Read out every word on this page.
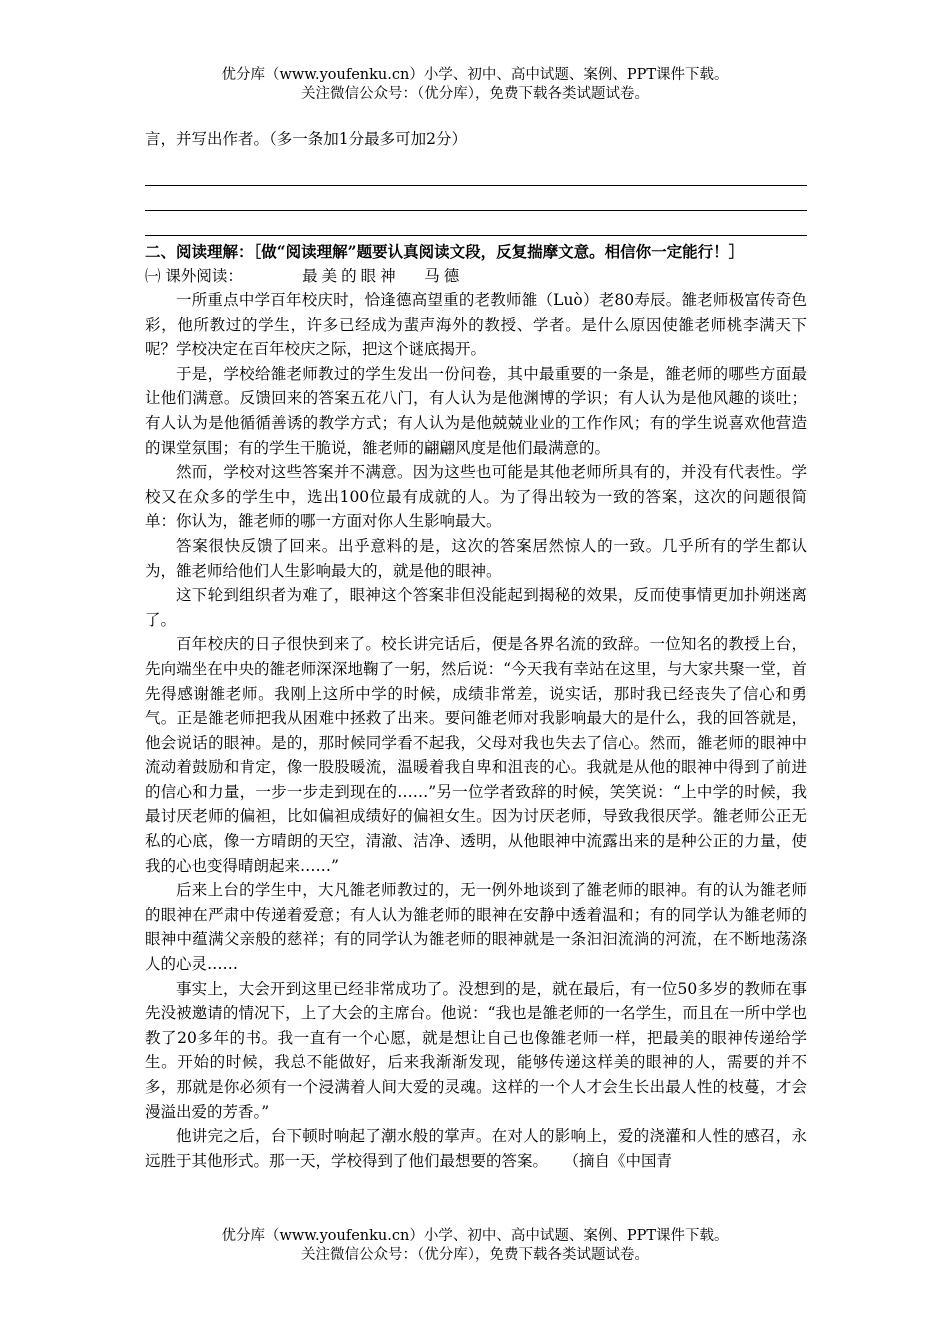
优分库（www.youfenku.cn）小学、初中、高中试题、案例、PPT课件下载。
关注微信公众号：（优分库），免费下载各类试题试卷。

言，并写出作者。（多一条加1分最多可加2分）

二、阅读理解：［做“阅读理解”题要认真阅读文段，反复揣摩文意。相信你一定能行！］
㈠ 课外阅读：	最美的眼神 马德

一所重点中学百年校庆时，恰逢德高望重的老教师雒（Luò）老80寿辰。雒老师极富传奇色彩，他所教过的学生，许多已经成为蜚声海外的教授、学者。是什么原因使雒老师桃李满天下呢？学校决定在百年校庆之际，把这个谜底揭开。

于是，学校给雒老师教过的学生发出一份问卷，其中最重要的一条是，雒老师的哪些方面最让他们满意。反馈回来的答案五花八门，有人认为是他渊博的学识；有人认为是他风趣的谈吐；有人认为是他循循善诱的教学方式；有人认为是他兢兢业业的工作作风；有的学生说喜欢他营造的课堂氛围；有的学生干脆说，雒老师的翩翩风度是他们最满意的。

然而，学校对这些答案并不满意。因为这些也可能是其他老师所具有的，并没有代表性。学校又在众多的学生中，选出100位最有成就的人。为了得出较为一致的答案，这次的问题很简单：你认为，雒老师的哪一方面对你人生影响最大。

答案很快反馈了回来。出乎意料的是，这次的答案居然惊人的一致。几乎所有的学生都认为，雒老师给他们人生影响最大的，就是他的眼神。

这下轮到组织者为难了，眼神这个答案非但没能起到揭秘的效果，反而使事情更加扑朔迷离了。

百年校庆的日子很快到来了。校长讲完话后，便是各界名流的致辞。一位知名的教授上台，先向端坐在中央的雒老师深深地鞠了一躬，然后说：“今天我有幸站在这里，与大家共聚一堂，首先得感谢雒老师。我刚上这所中学的时候，成绩非常差，说实话，那时我已经丧失了信心和勇气。正是雒老师把我从困难中拯救了出来。要问雒老师对我影响最大的是什么，我的回答就是，他会说话的眼神。是的，那时候同学看不起我，父母对我也失去了信心。然而，雒老师的眼神中流动着鼓励和肯定，像一股股暖流，温暖着我自卑和沮丧的心。我就是从他的眼神中得到了前进的信心和力量，一步一步走到现在的……”另一位学者致辞的时候，笑笑说：“上中学的时候，我最讨厌老师的偏袒，比如偏袒成绩好的偏袒女生。因为讨厌老师，导致我很厌学。雒老师公正无私的心底，像一方晴朗的天空，清澈、洁净、透明，从他眼神中流露出来的是种公正的力量，使我的心也变得晴朗起来……”

后来上台的学生中，大凡雒老师教过的，无一例外地谈到了雒老师的眼神。有的认为雒老师的眼神在严肃中传递着爱意；有人认为雒老师的眼神在安静中透着温和；有的同学认为雒老师的眼神中蕴满父亲般的慈祥；有的同学认为雒老师的眼神就是一条汩汩流淌的河流，在不断地荡涤人的心灵……

事实上，大会开到这里已经非常成功了。没想到的是，就在最后，有一位50多岁的教师在事先没被邀请的情况下，上了大会的主席台。他说：“我也是雒老师的一名学生，而且在一所中学也教了20多年的书。我一直有一个心愿，就是想让自己也像雒老师一样，把最美的眼神传递给学生。开始的时候，我总不能做好，后来我渐渐发现，能够传递这样美的眼神的人，需要的并不多，那就是你必须有一个浸满着人间大爱的灵魂。这样的一个人才会生长出最人性的枝蔓，才会漫溢出爱的芳香。”

他讲完之后，台下顿时响起了潮水般的掌声。在对人的影响上，爱的浇灌和人性的感召，永远胜于其他形式。那一天，学校得到了他们最想要的答案。　　（摘自《中国青

优分库（www.youfenku.cn）小学、初中、高中试题、案例、PPT课件下载。
关注微信公众号：（优分库），免费下载各类试题试卷。
